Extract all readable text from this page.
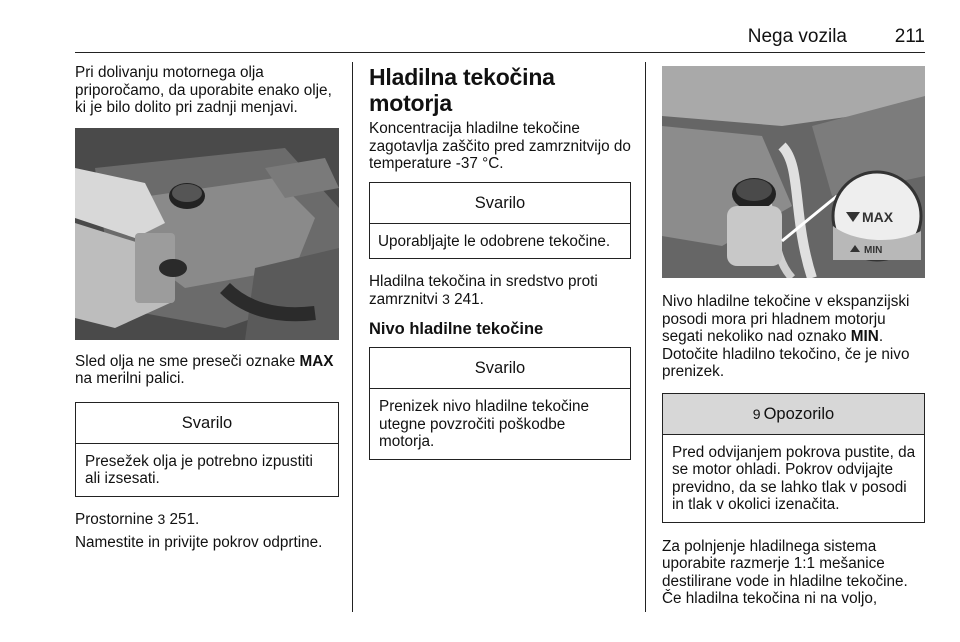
Nega vozila	211

Pri dolivanju motornega olja priporočamo, da uporabite enako olje, ki je bilo dolito pri zadnji menjavi.

Sled olja ne sme preseči oznake MAX na merilni palici.

Svarilo
Presežek olja je potrebno izpustiti ali izsesati.

Prostornine 3 251.

Namestite in privijte pokrov odprtine.

Hladilna tekočina motorja

Koncentracija hladilne tekočine zagotavlja zaščito pred zamrznitvijo do temperature -37 °C.

Svarilo
Uporabljajte le odobrene tekočine.

Hladilna tekočina in sredstvo proti zamrznitvi 3 241.

Nivo hladilne tekočine
Svarilo
Prenizek nivo hladilne tekočine utegne povzročiti poškodbe motorja.
MAX
MIN

Nivo hladilne tekočine v ekspanzijski posodi mora pri hladnem motorju segati nekoliko nad oznako MIN. Dotočite hladilno tekočino, če je nivo prenizek.

9 Opozorilo
Pred odvijanjem pokrova pustite, da se motor ohladi. Pokrov odvijajte previdno, da se lahko tlak v posodi in tlak v okolici izenačita.

Za polnjenje hladilnega sistema uporabite razmerje 1:1 mešanice destilirane vode in hladilne tekočine. Če hladilna tekočina ni na voljo,
